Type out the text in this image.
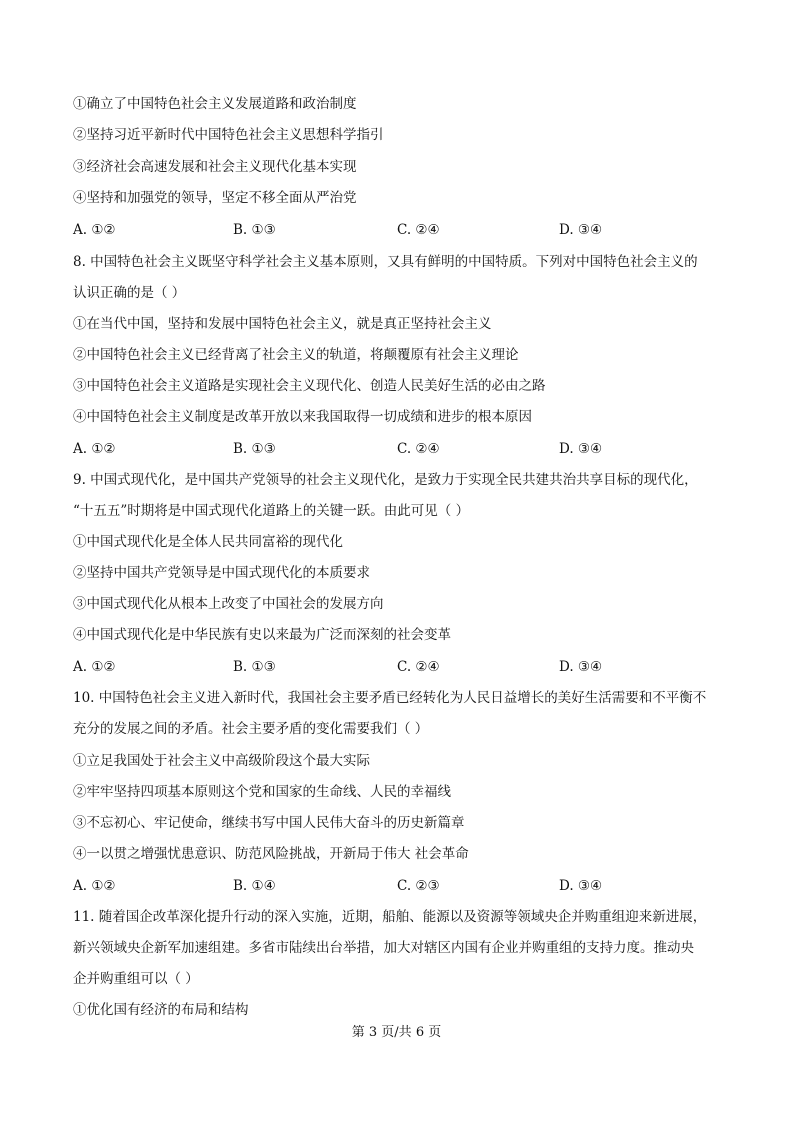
①确立了中国特色社会主义发展道路和政治制度
②坚持习近平新时代中国特色社会主义思想科学指引
③经济社会高速发展和社会主义现代化基本实现
④坚持和加强党的领导，坚定不移全面从严治党
A. ①②	B. ①③	C. ②④	D. ③④
8. 中国特色社会主义既坚守科学社会主义基本原则，又具有鲜明的中国特质。下列对中国特色社会主义的
认识正确的是（ ）
①在当代中国，坚持和发展中国特色社会主义，就是真正坚持社会主义
②中国特色社会主义已经背离了社会主义的轨道，将颠覆原有社会主义理论
③中国特色社会主义道路是实现社会主义现代化、创造人民美好生活的必由之路
④中国特色社会主义制度是改革开放以来我国取得一切成绩和进步的根本原因
A. ①②	B. ①③	C. ②④	D. ③④
9. 中国式现代化，是中国共产党领导的社会主义现代化，是致力于实现全民共建共治共享目标的现代化，
“十五五”时期将是中国式现代化道路上的关键一跃。由此可见（ ）
①中国式现代化是全体人民共同富裕的现代化
②坚持中国共产党领导是中国式现代化的本质要求
③中国式现代化从根本上改变了中国社会的发展方向
④中国式现代化是中华民族有史以来最为广泛而深刻的社会变革
A. ①②	B. ①③	C. ②④	D. ③④
10. 中国特色社会主义进入新时代，我国社会主要矛盾已经转化为人民日益增长的美好生活需要和不平衡不
充分的发展之间的矛盾。社会主要矛盾的变化需要我们（ ）
①立足我国处于社会主义中高级阶段这个最大实际
②牢牢坚持四项基本原则这个党和国家的生命线、人民的幸福线
③不忘初心、牢记使命，继续书写中国人民伟大奋斗的历史新篇章
④一以贯之增强忧患意识、防范风险挑战，开新局于伟大 社会革命
A. ①②	B. ①④	C. ②③	D. ③④
11. 随着国企改革深化提升行动的深入实施，近期，船舶、能源以及资源等领域央企并购重组迎来新进展，
新兴领域央企新军加速组建。多省市陆续出台举措，加大对辖区内国有企业并购重组的支持力度。推动央
企并购重组可以（ ）
①优化国有经济的布局和结构
第 3 页/共 6 页
